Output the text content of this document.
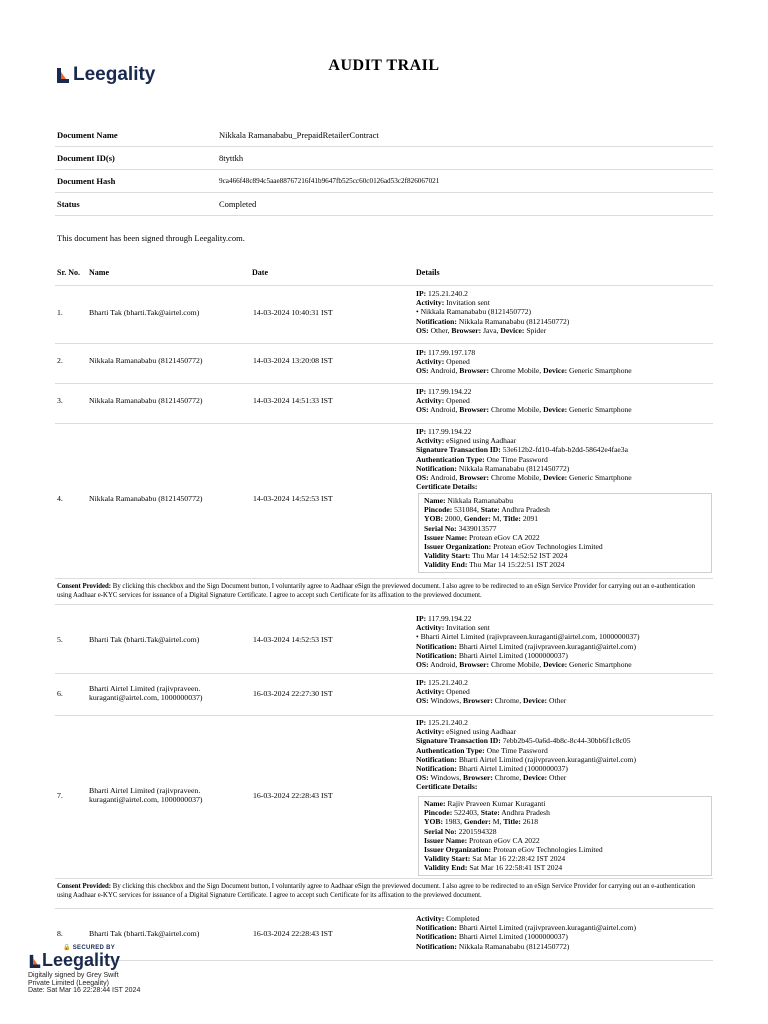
Leegality	AUDIT TRAIL
Document Name	Nikkala Ramanababu_PrepaidRetailerContract
Document ID(s)	8tyttkh
Document Hash	9ca466f48c894c5aae88767216f41b9647fb525cc60c0126ad53c2f826067021
Status	Completed
This document has been signed through Leegality.com.
Sr. No. Name	Date	Details
1.	Bharti Tak (bharti.Tak@airtel.com)	14-03-2024 10:40:31 IST
IP: 125.21.240.2
Activity: Invitation sent
• Nikkala Ramanababu (8121450772)
Notification: Nikkala Ramanababu (8121450772)
OS: Other, Browser: Java, Device: Spider
2.	Nikkala Ramanababu (8121450772)	14-03-2024 13:20:08 IST
IP: 117.99.197.178
Activity: Opened
OS: Android, Browser: Chrome Mobile, Device: Generic Smartphone
3.	Nikkala Ramanababu (8121450772)	14-03-2024 14:51:33 IST
IP: 117.99.194.22
Activity: Opened
OS: Android, Browser: Chrome Mobile, Device: Generic Smartphone
4.	Nikkala Ramanababu (8121450772)	14-03-2024 14:52:53 IST
IP: 117.99.194.22
Activity: eSigned using Aadhaar
Signature Transaction ID: 53e612b2-fd10-4fab-b2dd-58642e4fae3a
Authentication Type: One Time Password
Notification: Nikkala Ramanababu (8121450772)
OS: Android, Browser: Chrome Mobile, Device: Generic Smartphone
Certificate Details:
Name: Nikkala Ramanababu
Pincode: 531084, State: Andhra Pradesh
YOB: 2000, Gender: M, Title: 2091
Serial No: 3439013577
Issuer Name: Protean eGov CA 2022
Issuer Organization: Protean eGov Technologies Limited
Validity Start: Thu Mar 14 14:52:52 IST 2024
Validity End: Thu Mar 14 15:22:51 IST 2024
Consent Provided: By clicking this checkbox and the Sign Document button, I voluntarily agree to Aadhaar eSign the previewed document. I also agree to be redirected to an eSign Service Provider for carrying out an e-authentication using Aadhaar e-KYC services for issuance of a Digital Signature Certificate. I agree to accept such Certificate for its affixation to the previewed document.
5.	Bharti Tak (bharti.Tak@airtel.com)	14-03-2024 14:52:53 IST
IP: 117.99.194.22
Activity: Invitation sent
• Bharti Airtel Limited (rajivpraveen.kuraganti@airtel.com, 1000000037)
Notification: Bharti Airtel Limited (rajivpraveen.kuraganti@airtel.com)
Notification: Bharti Airtel Limited (1000000037)
OS: Android, Browser: Chrome Mobile, Device: Generic Smartphone
6.
Bharti Airtel Limited (rajivpraveen.
kuraganti@airtel.com, 1000000037)	16-03-2024 22:27:30 IST
IP: 125.21.240.2
Activity: Opened
OS: Windows, Browser: Chrome, Device: Other
7.
Bharti Airtel Limited (rajivpraveen.
kuraganti@airtel.com, 1000000037)	16-03-2024 22:28:43 IST
IP: 125.21.240.2
Activity: eSigned using Aadhaar
Signature Transaction ID: 7ebb2b45-0a6d-4b8c-8c44-30bb6f1c8c05
Authentication Type: One Time Password
Notification: Bharti Airtel Limited (rajivpraveen.kuraganti@airtel.com)
Notification: Bharti Airtel Limited (1000000037)
OS: Windows, Browser: Chrome, Device: Other
Certificate Details:
Name: Rajiv Praveen Kumar Kuraganti
Pincode: 522403, State: Andhra Pradesh
YOB: 1983, Gender: M, Title: 2618
Serial No: 2201594328
Issuer Name: Protean eGov CA 2022
Issuer Organization: Protean eGov Technologies Limited
Validity Start: Sat Mar 16 22:28:42 IST 2024
Validity End: Sat Mar 16 22:58:41 IST 2024
Consent Provided: By clicking this checkbox and the Sign Document button, I voluntarily agree to Aadhaar eSign the previewed document. I also agree to be redirected to an eSign Service Provider for carrying out an e-authentication using Aadhaar e-KYC services for issuance of a Digital Signature Certificate. I agree to accept such Certificate for its affixation to the previewed document.
8.	Bharti Tak (bharti.Tak@airtel.com)	16-03-2024 22:28:43 IST
Activity: Completed
Notification: Bharti Airtel Limited (rajivpraveen.kuraganti@airtel.com)
Notification: Bharti Airtel Limited (1000000037)
Notification: Nikkala Ramanababu (8121450772)
🔒 SECURED BY
Leegality
Digitally signed by Grey Swift
Private Limited (Leegality)
Date: Sat Mar 16 22:28:44 IST 2024
